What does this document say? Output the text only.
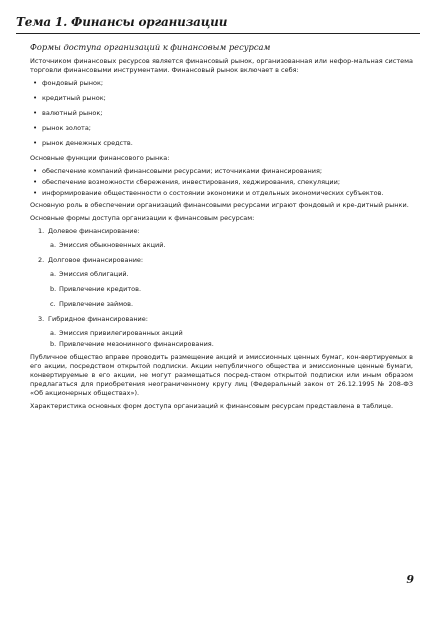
Тема 1. Финансы организации
Формы доступа организаций к финансовым ресурсам

Источником финансовых ресурсов является финансовый рынок, организованная или нефор-мальная система торговли финансовыми инструментами. Финансовый рынок включает в себя:

• фондовый рынок;
• кредитный рынок;
• валютный рынок;
• рынок золота;
• рынок денежных средств.

Основные функции финансового рынка:

• обеспечение компаний финансовыми ресурсами; источниками финансирования;
• обеспечение возможности сбережения, инвестирования, хеджирования, спекуляции;
• информирование общественности о состоянии экономики и отдельных экономических субъектов.

Основную роль в обеспечении организаций финансовыми ресурсами играют фондовый и кре-дитный рынки.

Основные формы доступа организации к финансовым ресурсам:

1. Долевое финансирование:
a. Эмиссия обыкновенных акций.
2. Долговое финансирование:
a. Эмиссия облигаций.
b. Привлечение кредитов.
c. Привлечение займов.
3. Гибридное финансирование:
a. Эмиссия привилегированных акций
b. Привлечение мезонинного финансирования.

Публичное общество вправе проводить размещение акций и эмиссионных ценных бумаг, кон-вертируемых в его акции, посредством открытой подписки. Акции непубличного общества и эмиссионные ценные бумаги, конвертируемые в его акции, не могут размещаться посред-ством открытой подписки или иным образом предлагаться для приобретения неограниченному кругу лиц (Федеральный закон от 26.12.1995 № 208-ФЗ «Об акционерных обществах»).

Характеристика основных форм доступа организаций к финансовым ресурсам представлена в таблице.

9
